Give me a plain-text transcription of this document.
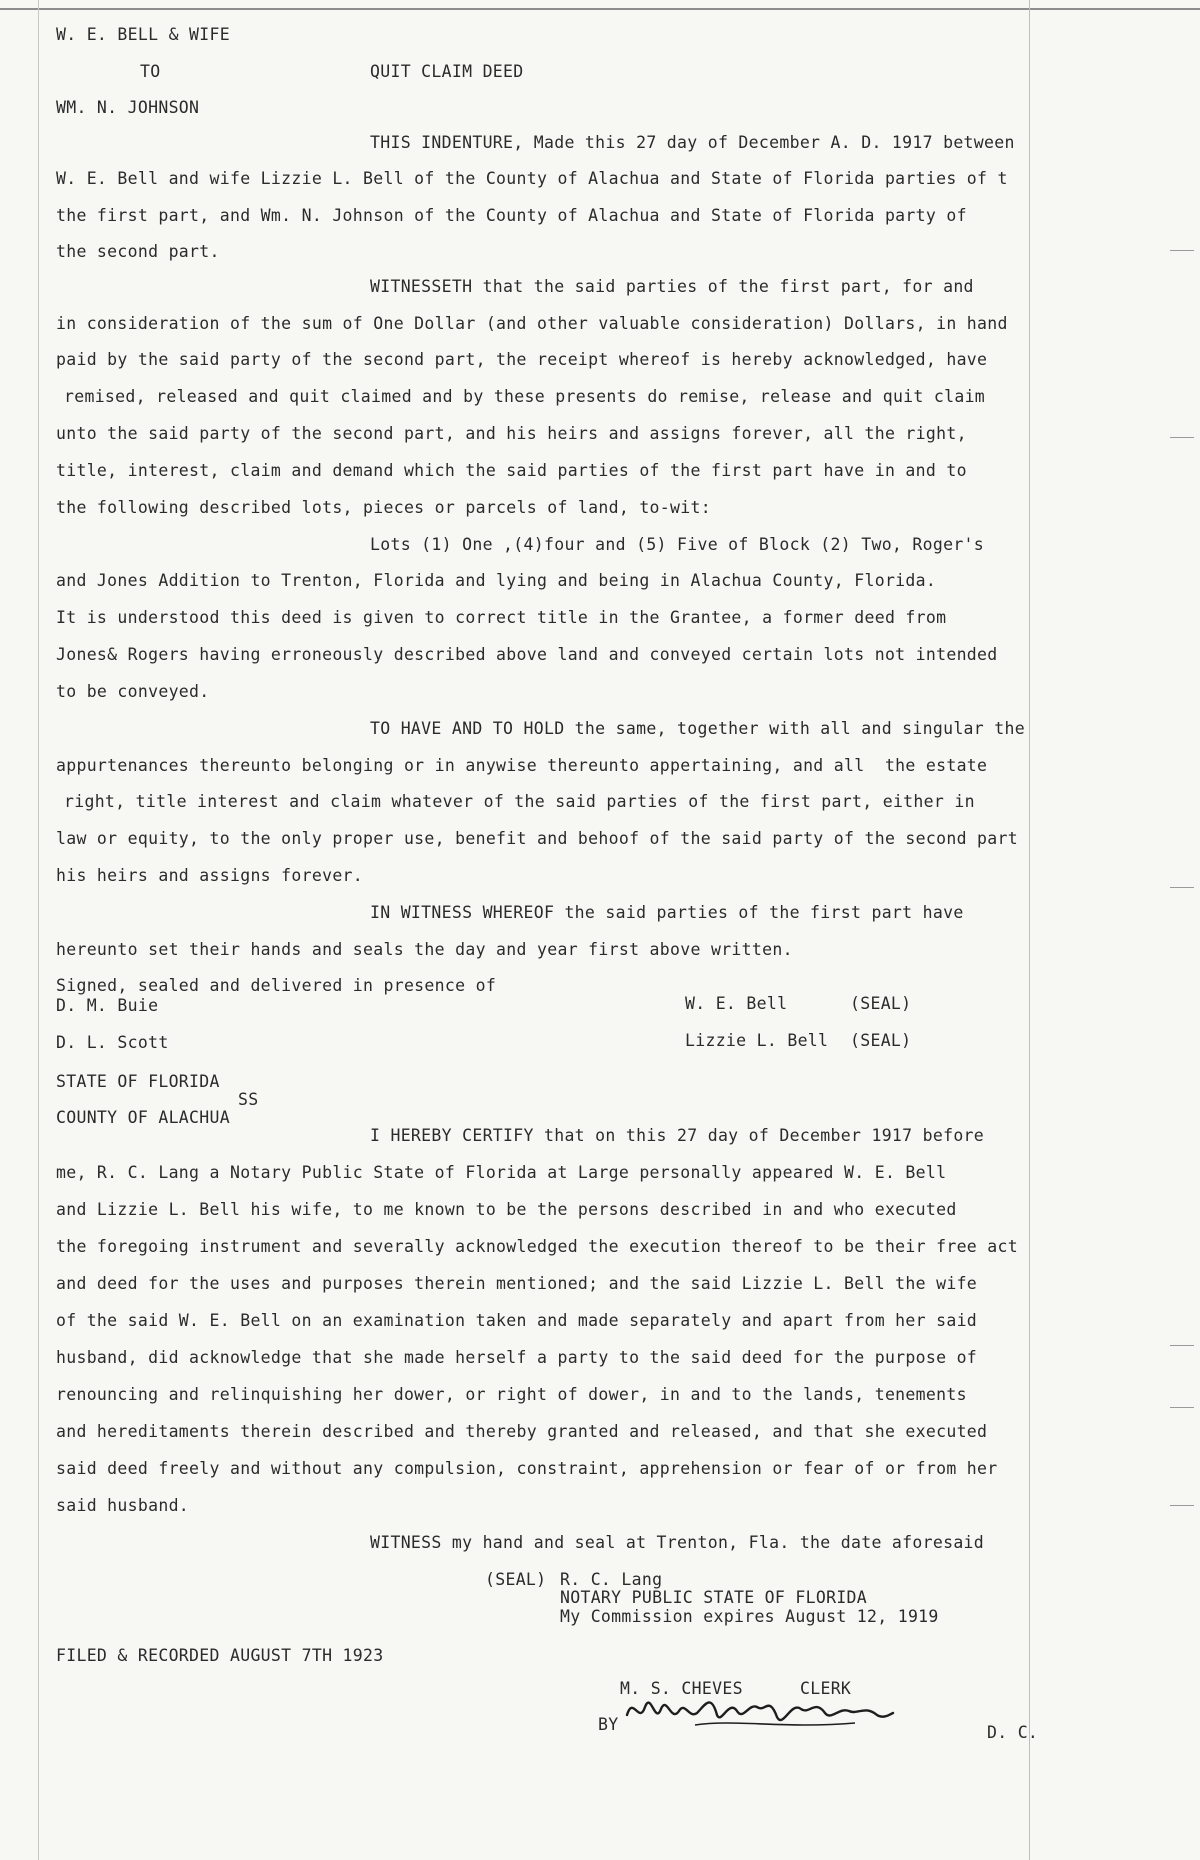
W. E. BELL & WIFE
TO	QUIT CLAIM DEED
WM. N. JOHNSON
THIS INDENTURE, Made this 27 day of December A. D. 1917 between
W. E. Bell and wife Lizzie L. Bell of the County of Alachua and State of Florida parties of t
the first part, and Wm. N. Johnson of the County of Alachua and State of Florida party of
the second part.
WITNESSETH that the said parties of the first part, for and
in consideration of the sum of One Dollar (and other valuable consideration) Dollars, in hand
paid by the said party of the second part, the receipt whereof is hereby acknowledged, have
remised, released and quit claimed and by these presents do remise, release and quit claim
unto the said party of the second part, and his heirs and assigns forever, all the right,
title, interest, claim and demand which the said parties of the first part have in and to
the following described lots, pieces or parcels of land, to-wit:
Lots (1) One ,(4)four and (5) Five of Block (2) Two, Roger's
and Jones Addition to Trenton, Florida and lying and being in Alachua County, Florida.
It is understood this deed is given to correct title in the Grantee, a former deed from
Jones& Rogers having erroneously described above land and conveyed certain lots not intended
to be conveyed.
TO HAVE AND TO HOLD the same, together with all and singular the
appurtenances thereunto belonging or in anywise thereunto appertaining, and all  the estate
right, title interest and claim whatever of the said parties of the first part, either in
law or equity, to the only proper use, benefit and behoof of the said party of the second part
his heirs and assigns forever.
IN WITNESS WHEREOF the said parties of the first part have
hereunto set their hands and seals the day and year first above written.
Signed, sealed and delivered in presence of
D. M. Buie
D. L. Scott
W. E. Bell	(SEAL)
Lizzie L. Bell (SEAL)
STATE OF FLORIDA
SS
COUNTY OF ALACHUA
I HEREBY CERTIFY that on this 27 day of December 1917 before
me, R. C. Lang a Notary Public State of Florida at Large personally appeared W. E. Bell
and Lizzie L. Bell his wife, to me known to be the persons described in and who executed
the foregoing instrument and severally acknowledged the execution thereof to be their free act
and deed for the uses and purposes therein mentioned; and the said Lizzie L. Bell the wife
of the said W. E. Bell on an examination taken and made separately and apart from her said
husband, did acknowledge that she made herself a party to the said deed for the purpose of
renouncing and relinquishing her dower, or right of dower, in and to the lands, tenements
and hereditaments therein described and thereby granted and released, and that she executed
said deed freely and without any compulsion, constraint, apprehension or fear of or from her
said husband.
WITNESS my hand and seal at Trenton, Fla. the date aforesaid
(SEAL) R. C. Lang
NOTARY PUBLIC STATE OF FLORIDA
My Commission expires August 12, 1919
FILED & RECORDED AUGUST 7TH 1923
M. S. CHEVES	CLERK
BY	D. C.
